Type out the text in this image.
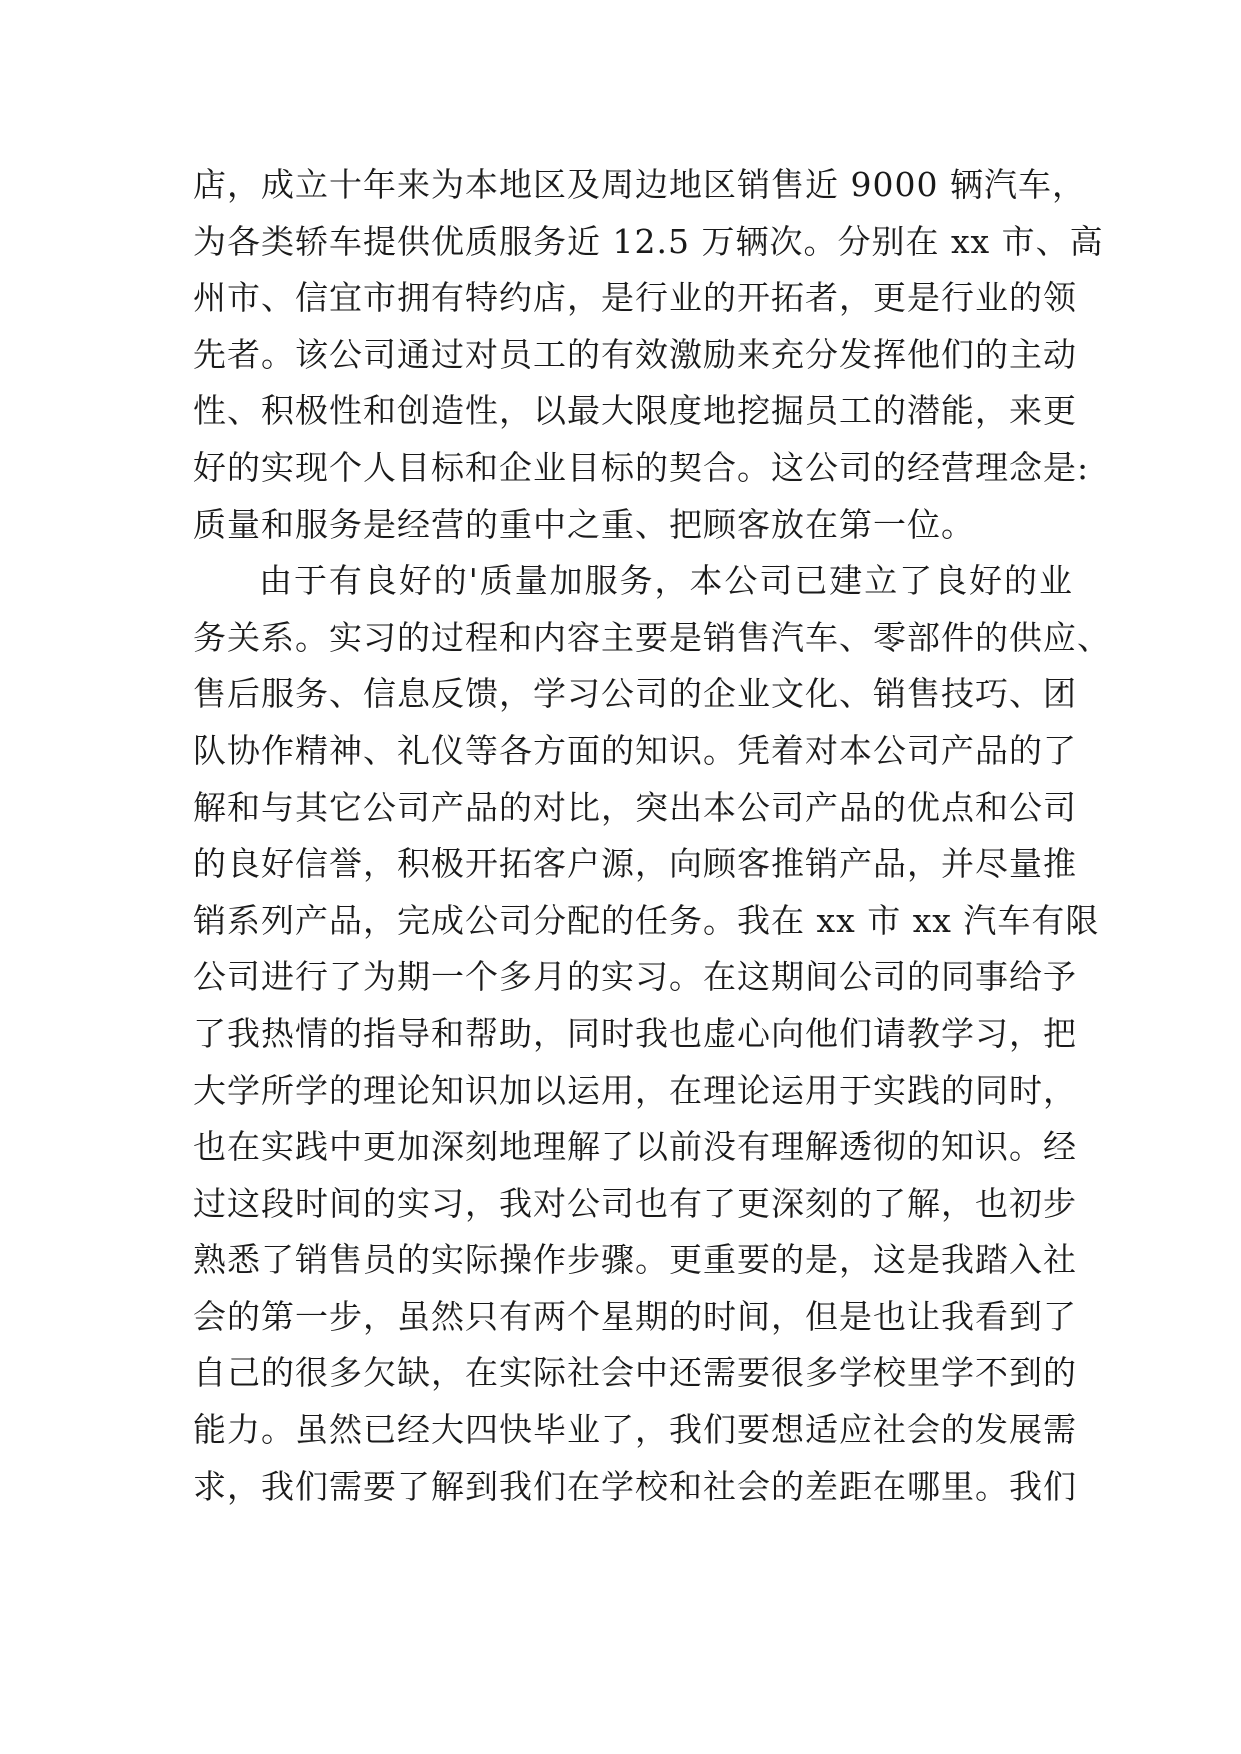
店，成立十年来为本地区及周边地区销售近 9000 辆汽车，
为各类轿车提供优质服务近 12.5 万辆次。分别在 xx 市、高
州市、信宜市拥有特约店，是行业的开拓者，更是行业的领
先者。该公司通过对员工的有效激励来充分发挥他们的主动
性、积极性和创造性，以最大限度地挖掘员工的潜能，来更
好的实现个人目标和企业目标的契合。这公司的经营理念是:
质量和服务是经营的重中之重、把顾客放在第一位。
由于有良好的'质量加服务，本公司已建立了良好的业
务关系。实习的过程和内容主要是销售汽车、零部件的供应、
售后服务、信息反馈，学习公司的企业文化、销售技巧、团
队协作精神、礼仪等各方面的知识。凭着对本公司产品的了
解和与其它公司产品的对比，突出本公司产品的优点和公司
的良好信誉，积极开拓客户源，向顾客推销产品，并尽量推
销系列产品，完成公司分配的任务。我在 xx 市 xx 汽车有限
公司进行了为期一个多月的实习。在这期间公司的同事给予
了我热情的指导和帮助，同时我也虚心向他们请教学习，把
大学所学的理论知识加以运用，在理论运用于实践的同时，
也在实践中更加深刻地理解了以前没有理解透彻的知识。经
过这段时间的实习，我对公司也有了更深刻的了解，也初步
熟悉了销售员的实际操作步骤。更重要的是，这是我踏入社
会的第一步，虽然只有两个星期的时间，但是也让我看到了
自己的很多欠缺，在实际社会中还需要很多学校里学不到的
能力。虽然已经大四快毕业了，我们要想适应社会的发展需
求，我们需要了解到我们在学校和社会的差距在哪里。我们
